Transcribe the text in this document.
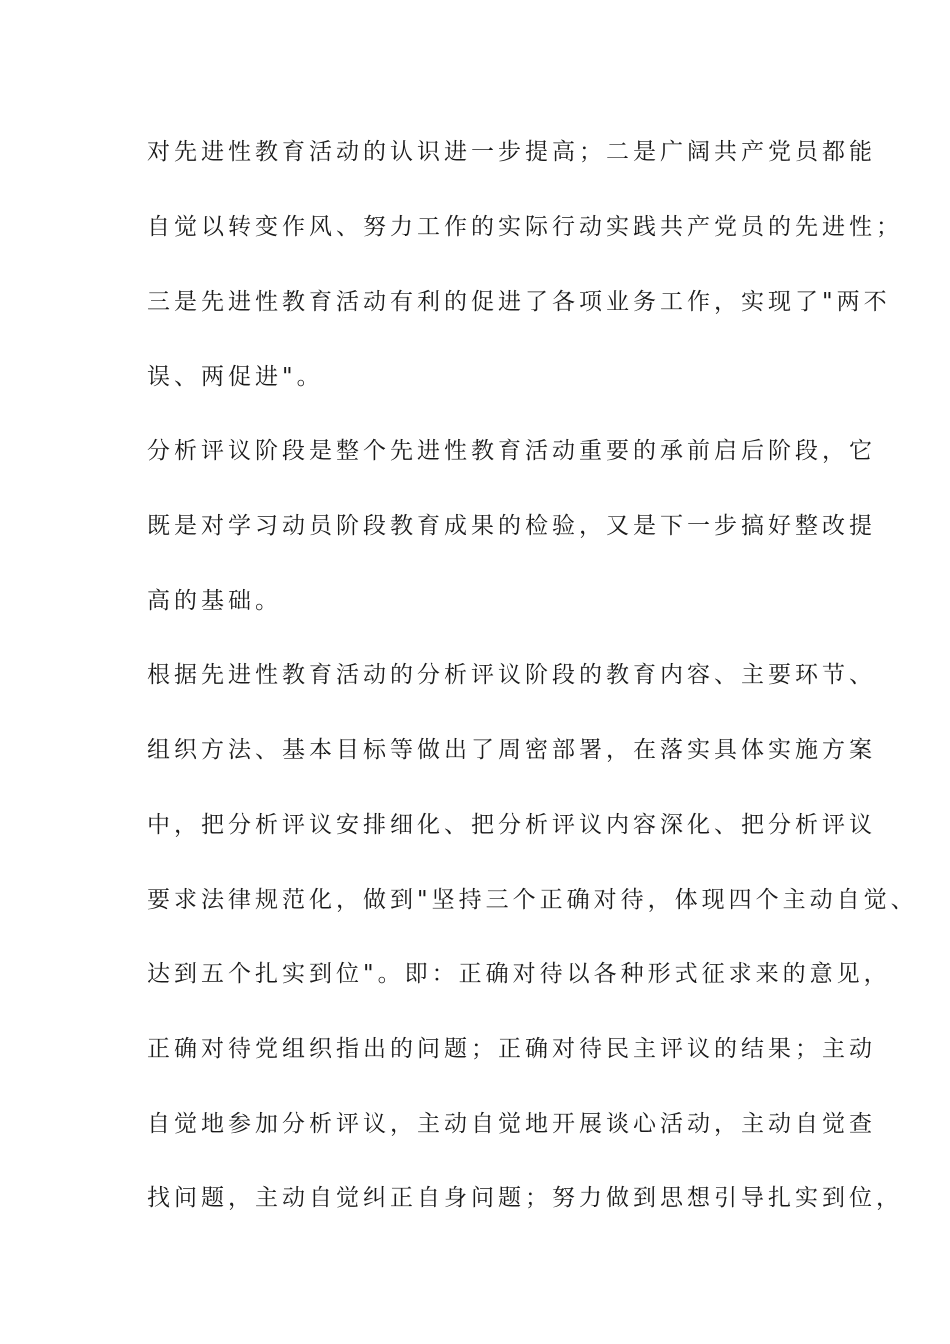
对先进性教育活动的认识进一步提高；二是广阔共产党员都能
自觉以转变作风、努力工作的实际行动实践共产党员的先进性；
三是先进性教育活动有利的促进了各项业务工作，实现了"两不
误、两促进"。
分析评议阶段是整个先进性教育活动重要的承前启后阶段，它
既是对学习动员阶段教育成果的检验，又是下一步搞好整改提
高的基础。
根据先进性教育活动的分析评议阶段的教育内容、主要环节、
组织方法、基本目标等做出了周密部署，在落实具体实施方案
中，把分析评议安排细化、把分析评议内容深化、把分析评议
要求法律规范化，做到"坚持三个正确对待，体现四个主动自觉、
达到五个扎实到位"。即：正确对待以各种形式征求来的意见，
正确对待党组织指出的问题；正确对待民主评议的结果；主动
自觉地参加分析评议，主动自觉地开展谈心活动，主动自觉查
找问题，主动自觉纠正自身问题；努力做到思想引导扎实到位，
